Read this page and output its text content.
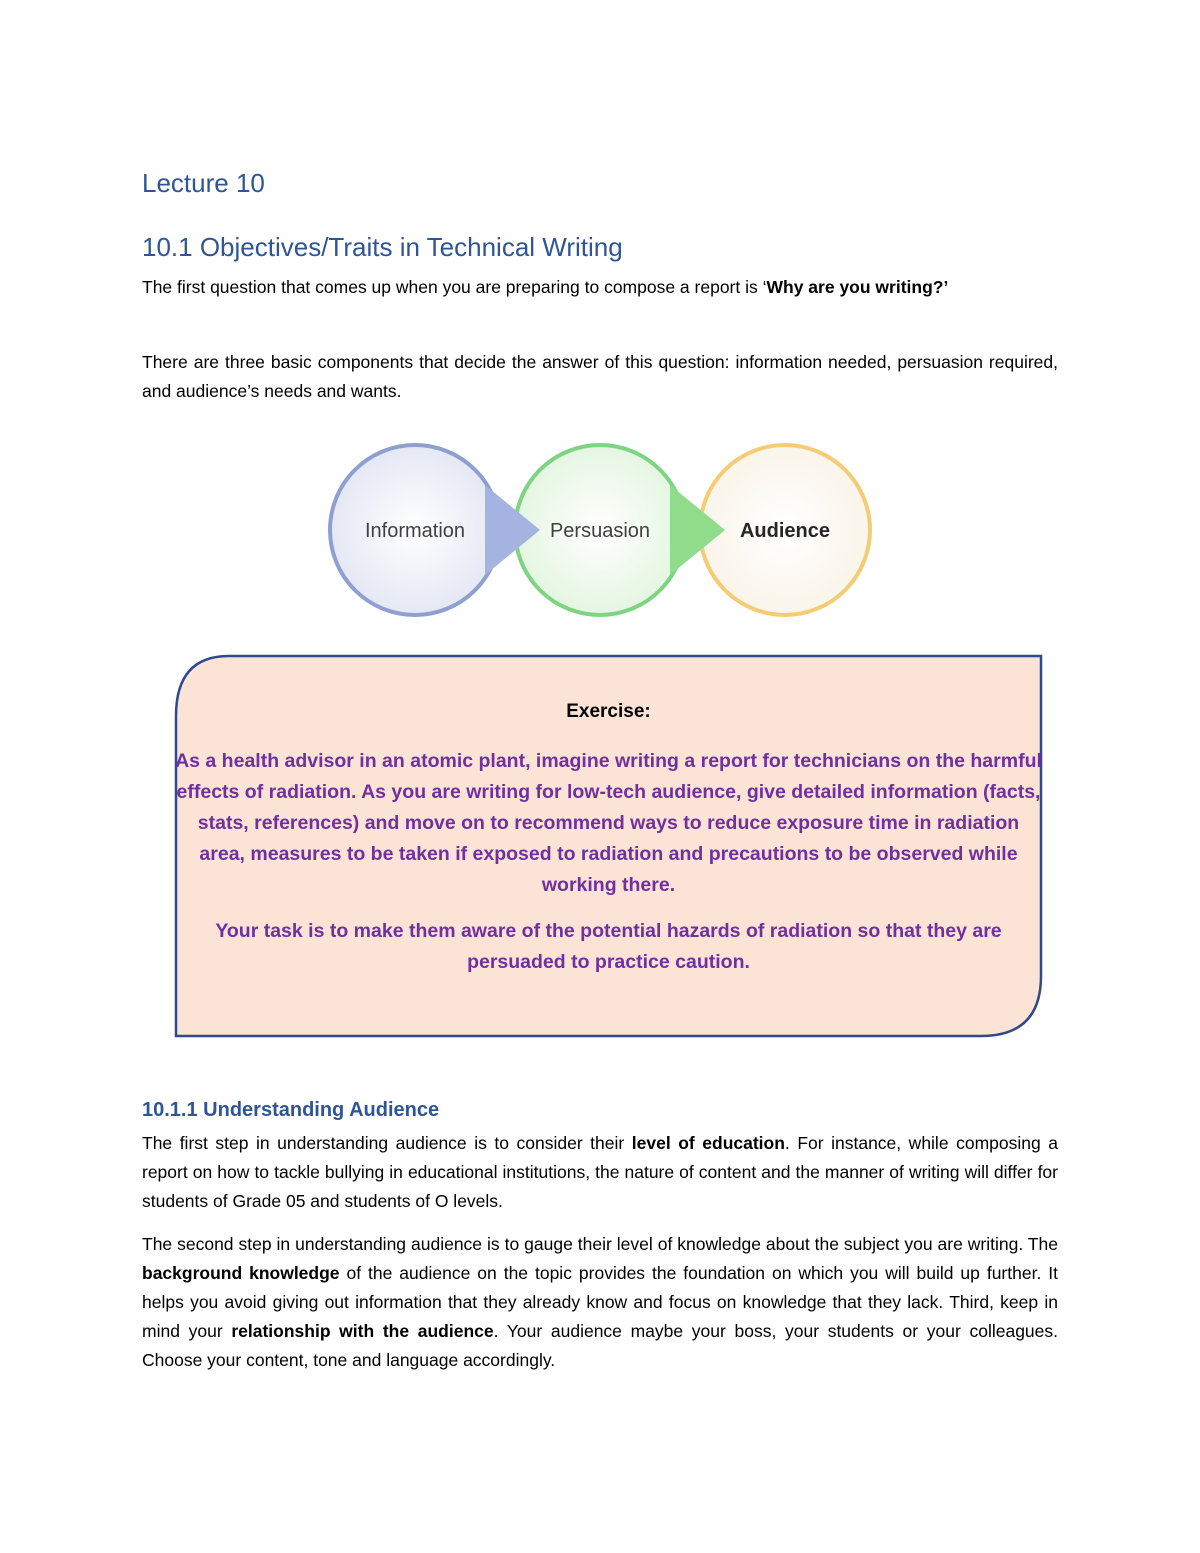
Lecture 10
10.1 Objectives/Traits in Technical Writing

The first question that comes up when you are preparing to compose a report is ‘Why are you writing?’

There are three basic components that decide the answer of this question: information needed, persuasion required, and audience’s needs and wants.

10.1.1 Understanding Audience

The first step in understanding audience is to consider their level of education. For instance, while composing a report on how to tackle bullying in educational institutions, the nature of content and the manner of writing will differ for students of Grade 05 and students of O levels.

The second step in understanding audience is to gauge their level of knowledge about the subject you are writing. The background knowledge of the audience on the topic provides the foundation on which you will build up further. It helps you avoid giving out information that they already know and focus on knowledge that they lack. Third, keep in mind your relationship with the audience. Your audience maybe your boss, your students or your colleagues. Choose your content, tone and language accordingly.

Information	Persuasion	Audience

Exercise:

As a health advisor in an atomic plant, imagine writing a report for technicians on the harmful effects of radiation. As you are writing for low-tech audience, give detailed information (facts, stats, references) and move on to recommend ways to reduce exposure time in radiation area, measures to be taken if exposed to radiation and precautions to be observed while working there.

Your task is to make them aware of the potential hazards of radiation so that they are persuaded to practice caution.
